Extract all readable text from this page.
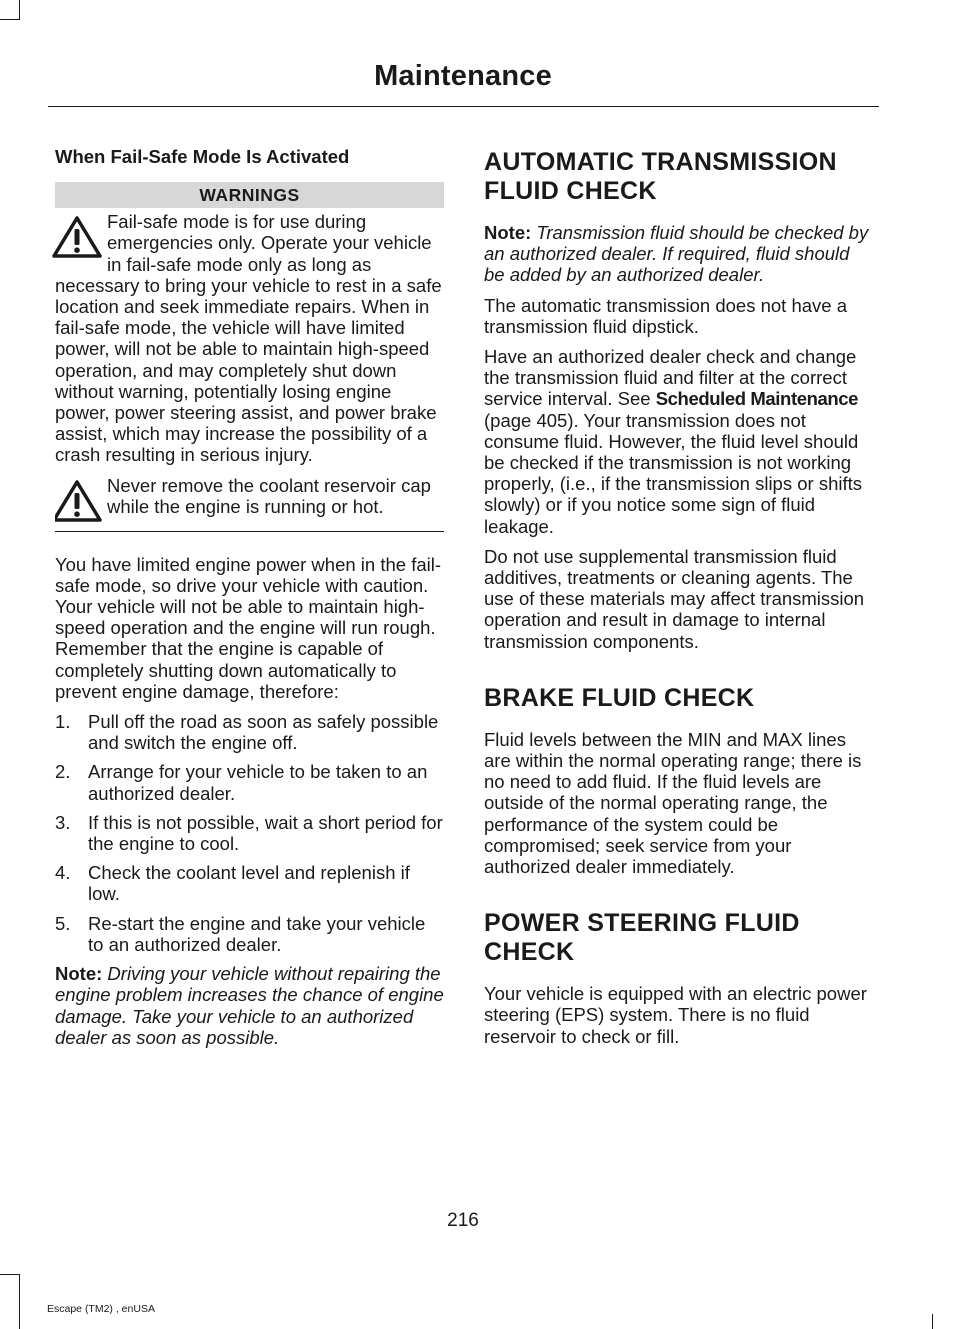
Maintenance

When Fail-Safe Mode Is Activated

WARNINGS

Fail-safe mode is for use during emergencies only. Operate your vehicle in fail-safe mode only as long as necessary to bring your vehicle to rest in a safe location and seek immediate repairs. When in fail-safe mode, the vehicle will have limited power, will not be able to maintain high-speed operation, and may completely shut down without warning, potentially losing engine power, power steering assist, and power brake assist, which may increase the possibility of a crash resulting in serious injury.

Never remove the coolant reservoir cap while the engine is running or hot.

You have limited engine power when in the fail-safe mode, so drive your vehicle with caution. Your vehicle will not be able to maintain high-speed operation and the engine will run rough. Remember that the engine is capable of completely shutting down automatically to prevent engine damage, therefore:

1. Pull off the road as soon as safely possible and switch the engine off.
2. Arrange for your vehicle to be taken to an authorized dealer.
3. If this is not possible, wait a short period for the engine to cool.
4. Check the coolant level and replenish if low.
5. Re-start the engine and take your vehicle to an authorized dealer.

Note: Driving your vehicle without repairing the engine problem increases the chance of engine damage. Take your vehicle to an authorized dealer as soon as possible.

AUTOMATIC TRANSMISSION FLUID CHECK

Note: Transmission fluid should be checked by an authorized dealer. If required, fluid should be added by an authorized dealer.

The automatic transmission does not have a transmission fluid dipstick.

Have an authorized dealer check and change the transmission fluid and filter at the correct service interval. See Scheduled Maintenance (page 405). Your transmission does not consume fluid. However, the fluid level should be checked if the transmission is not working properly, (i.e., if the transmission slips or shifts slowly) or if you notice some sign of fluid leakage.

Do not use supplemental transmission fluid additives, treatments or cleaning agents. The use of these materials may affect transmission operation and result in damage to internal transmission components.

BRAKE FLUID CHECK

Fluid levels between the MIN and MAX lines are within the normal operating range; there is no need to add fluid. If the fluid levels are outside of the normal operating range, the performance of the system could be compromised; seek service from your authorized dealer immediately.

POWER STEERING FLUID CHECK

Your vehicle is equipped with an electric power steering (EPS) system. There is no fluid reservoir to check or fill.

216
Escape (TM2) , enUSA
